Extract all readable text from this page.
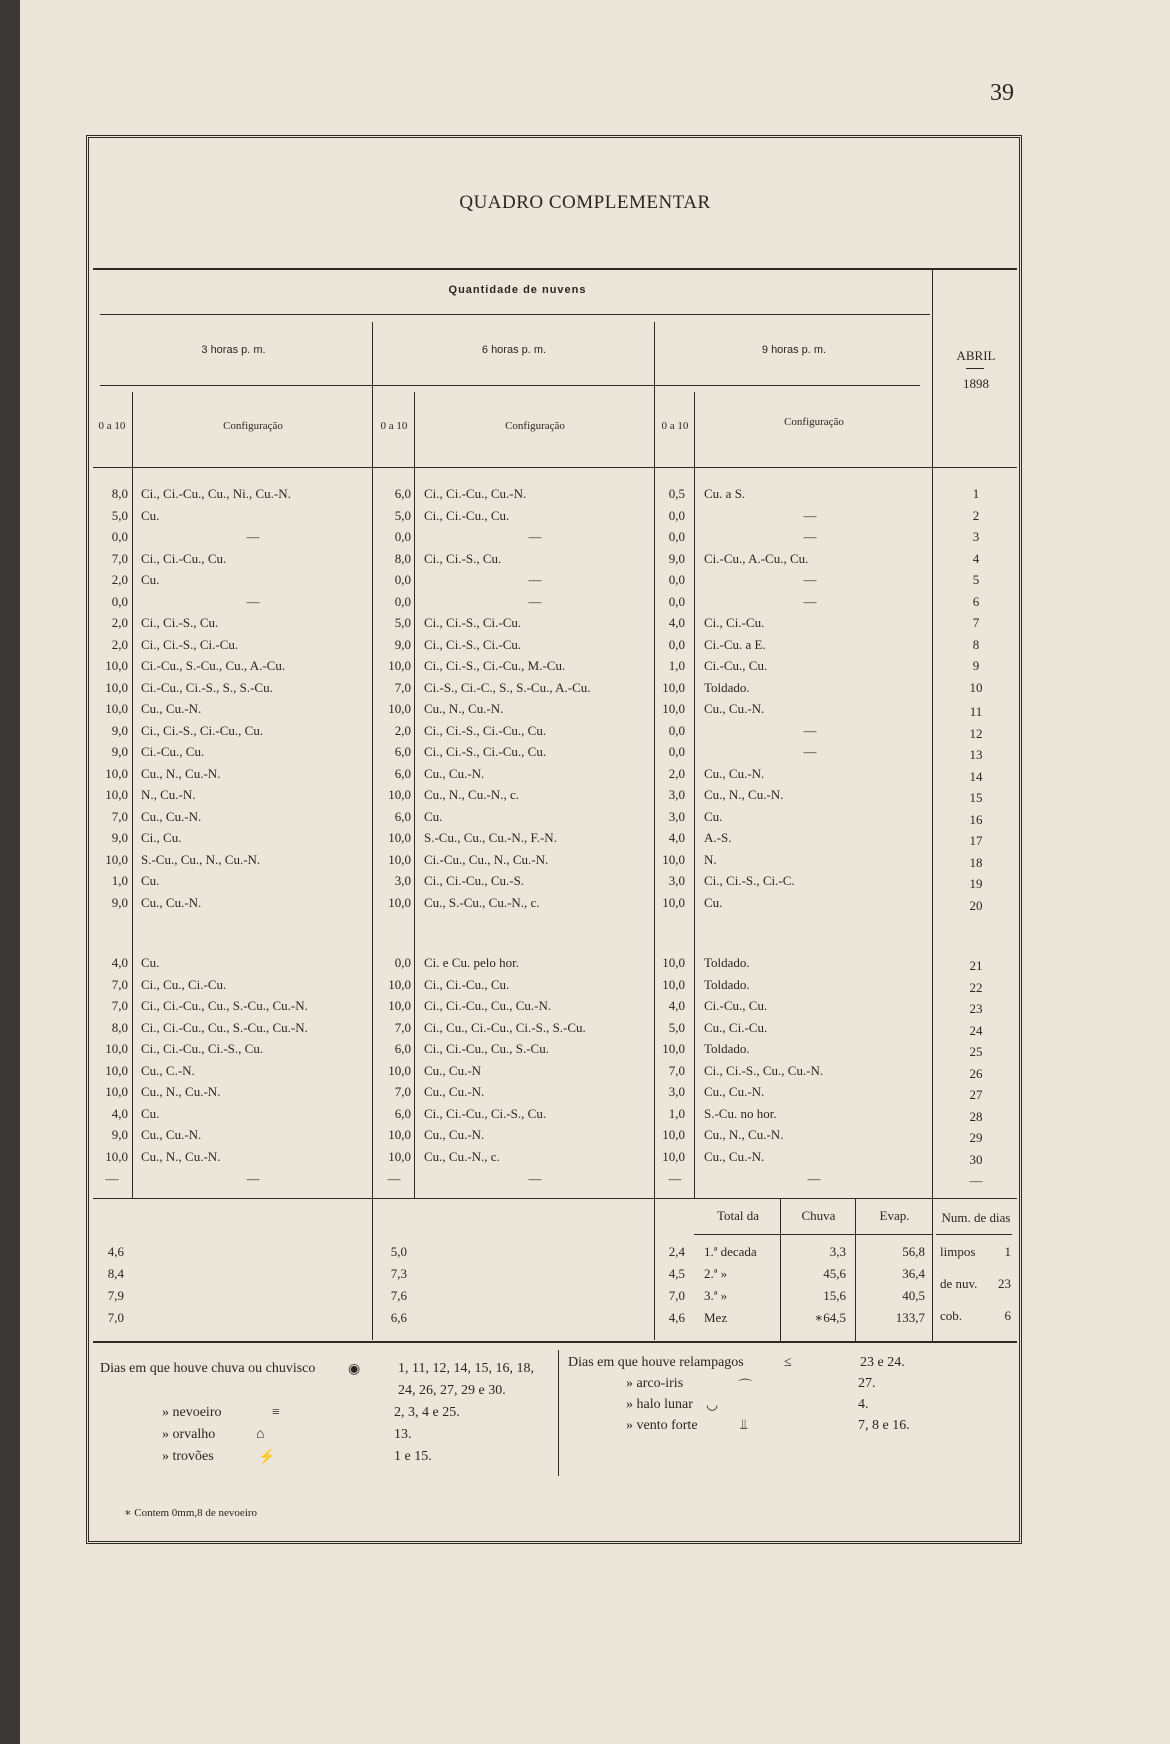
39
QUADRO COMPLEMENTAR
Quantidade de nuvens
3 horas p. m.	6 horas p. m.	9 horas p. m.	ABRIL
1898
0 a 10	Configuração	0 a 10	Configuração	0 a 10	Configuração
8,0 Ci., Ci.-Cu., Cu., Ni., Cu.-N.	6,0 Ci., Ci.-Cu., Cu.-N.	0,5 Cu. a S.	1
5,0 Cu.	5,0 Ci., Ci.-Cu., Cu.	0,0	—	2
0,0	—	0,0	—	0,0	—	3
7,0 Ci., Ci.-Cu., Cu.	8,0 Ci., Ci.-S., Cu.	9,0 Ci.-Cu., A.-Cu., Cu.	4
2,0 Cu.	0,0	—	0,0	—	5
0,0	—	0,0	—	0,0	—	6
2,0 Ci., Ci.-S., Cu.	5,0 Ci., Ci.-S., Ci.-Cu.	4,0 Ci., Ci.-Cu.	7
2,0 Ci., Ci.-S., Ci.-Cu.	9,0 Ci., Ci.-S., Ci.-Cu.	0,0 Ci.-Cu. a E.	8
10,0 Ci.-Cu., S.-Cu., Cu., A.-Cu.	10,0 Ci., Ci.-S., Ci.-Cu., M.-Cu.	1,0 Ci.-Cu., Cu.	9
10,0 Ci.-Cu., Ci.-S., S., S.-Cu.	7,0 Ci.-S., Ci.-C., S., S.-Cu., A.-Cu.	10,0 Toldado.	10
10,0 Cu., Cu.-N.	10,0 Cu., N., Cu.-N.	10,0 Cu., Cu.-N.	11
9,0 Ci., Ci.-S., Ci.-Cu., Cu.	2,0 Ci., Ci.-S., Ci.-Cu., Cu.	0,0	—	12
9,0 Ci.-Cu., Cu.	6,0 Ci., Ci.-S., Ci.-Cu., Cu.	0,0	—	13
10,0 Cu., N., Cu.-N.	6,0 Cu., Cu.-N.	2,0 Cu., Cu.-N.	14
10,0 N., Cu.-N.	10,0 Cu., N., Cu.-N., c.	3,0 Cu., N., Cu.-N.	15
7,0 Cu., Cu.-N.	6,0 Cu.	3,0 Cu.	16
9,0 Ci., Cu.	10,0 S.-Cu., Cu., Cu.-N., F.-N.	4,0 A.-S.	17
10,0 S.-Cu., Cu., N., Cu.-N.	10,0 Ci.-Cu., Cu., N., Cu.-N.	10,0 N.	18
1,0 Cu.	3,0 Ci., Ci.-Cu., Cu.-S.	3,0 Ci., Ci.-S., Ci.-C.	19
9,0 Cu., Cu.-N.	10,0 Cu., S.-Cu., Cu.-N., c.	10,0 Cu.	20
4,0 Cu.	0,0 Ci. e Cu. pelo hor.	10,0 Toldado.	21
7,0 Ci., Cu., Ci.-Cu.	10,0 Ci., Ci.-Cu., Cu.	10,0 Toldado.	22
7,0 Ci., Ci.-Cu., Cu., S.-Cu., Cu.-N.	10,0 Ci., Ci.-Cu., Cu., Cu.-N.	4,0 Ci.-Cu., Cu.	23
8,0 Ci., Ci.-Cu., Cu., S.-Cu., Cu.-N.	7,0 Ci., Cu., Ci.-Cu., Ci.-S., S.-Cu.	5,0 Cu., Ci.-Cu.	24
10,0 Ci., Ci.-Cu., Ci.-S., Cu.	6,0 Ci., Ci.-Cu., Cu., S.-Cu.	10,0 Toldado.	25
10,0 Cu., C.-N.	10,0 Cu., Cu.-N	7,0 Ci., Ci.-S., Cu., Cu.-N.	26
10,0 Cu., N., Cu.-N.	7,0 Cu., Cu.-N.	3,0 Cu., Cu.-N.	27
4,0 Cu.	6,0 Ci., Ci.-Cu., Ci.-S., Cu.	1,0 S.-Cu. no hor.	28
9,0 Cu., Cu.-N.	10,0 Cu., Cu.-N.	10,0 Cu., N., Cu.-N.	29
10,0 Cu., N., Cu.-N.	10,0 Cu., Cu.-N., c.	10,0 Cu., Cu.-N.	30
—	—	—	—	—	—	—
Total da	Chuva	Evap.	Num. de dias
4,6	5,0	2,4 1.ª decada	3,3	56,8
8,4	7,3	4,5 2.ª »	45,6	36,4
7,9	7,6	7,0 3.ª »	15,6	40,5
7,0	6,6	4,6 Mez	∗64,5	133,7
limpos	1
de nuv.	23
cob.	6
Dias em que houve chuva ou chuvisco ◉	1, 11, 12, 14, 15, 16, 18,
24, 26, 27, 29 e 30.
» nevoeiro	≡	2, 3, 4 e 25.
» orvalho	⌂	13.
» trovões	⚡	1 e 15.
Dias em que houve relampagos	≤	23 e 24.
» arco-iris	⌒	27.
» halo lunar ◡	4.
» vento forte	⫫	7, 8 e 16.
∗ Contem 0mm,8 de nevoeiro
